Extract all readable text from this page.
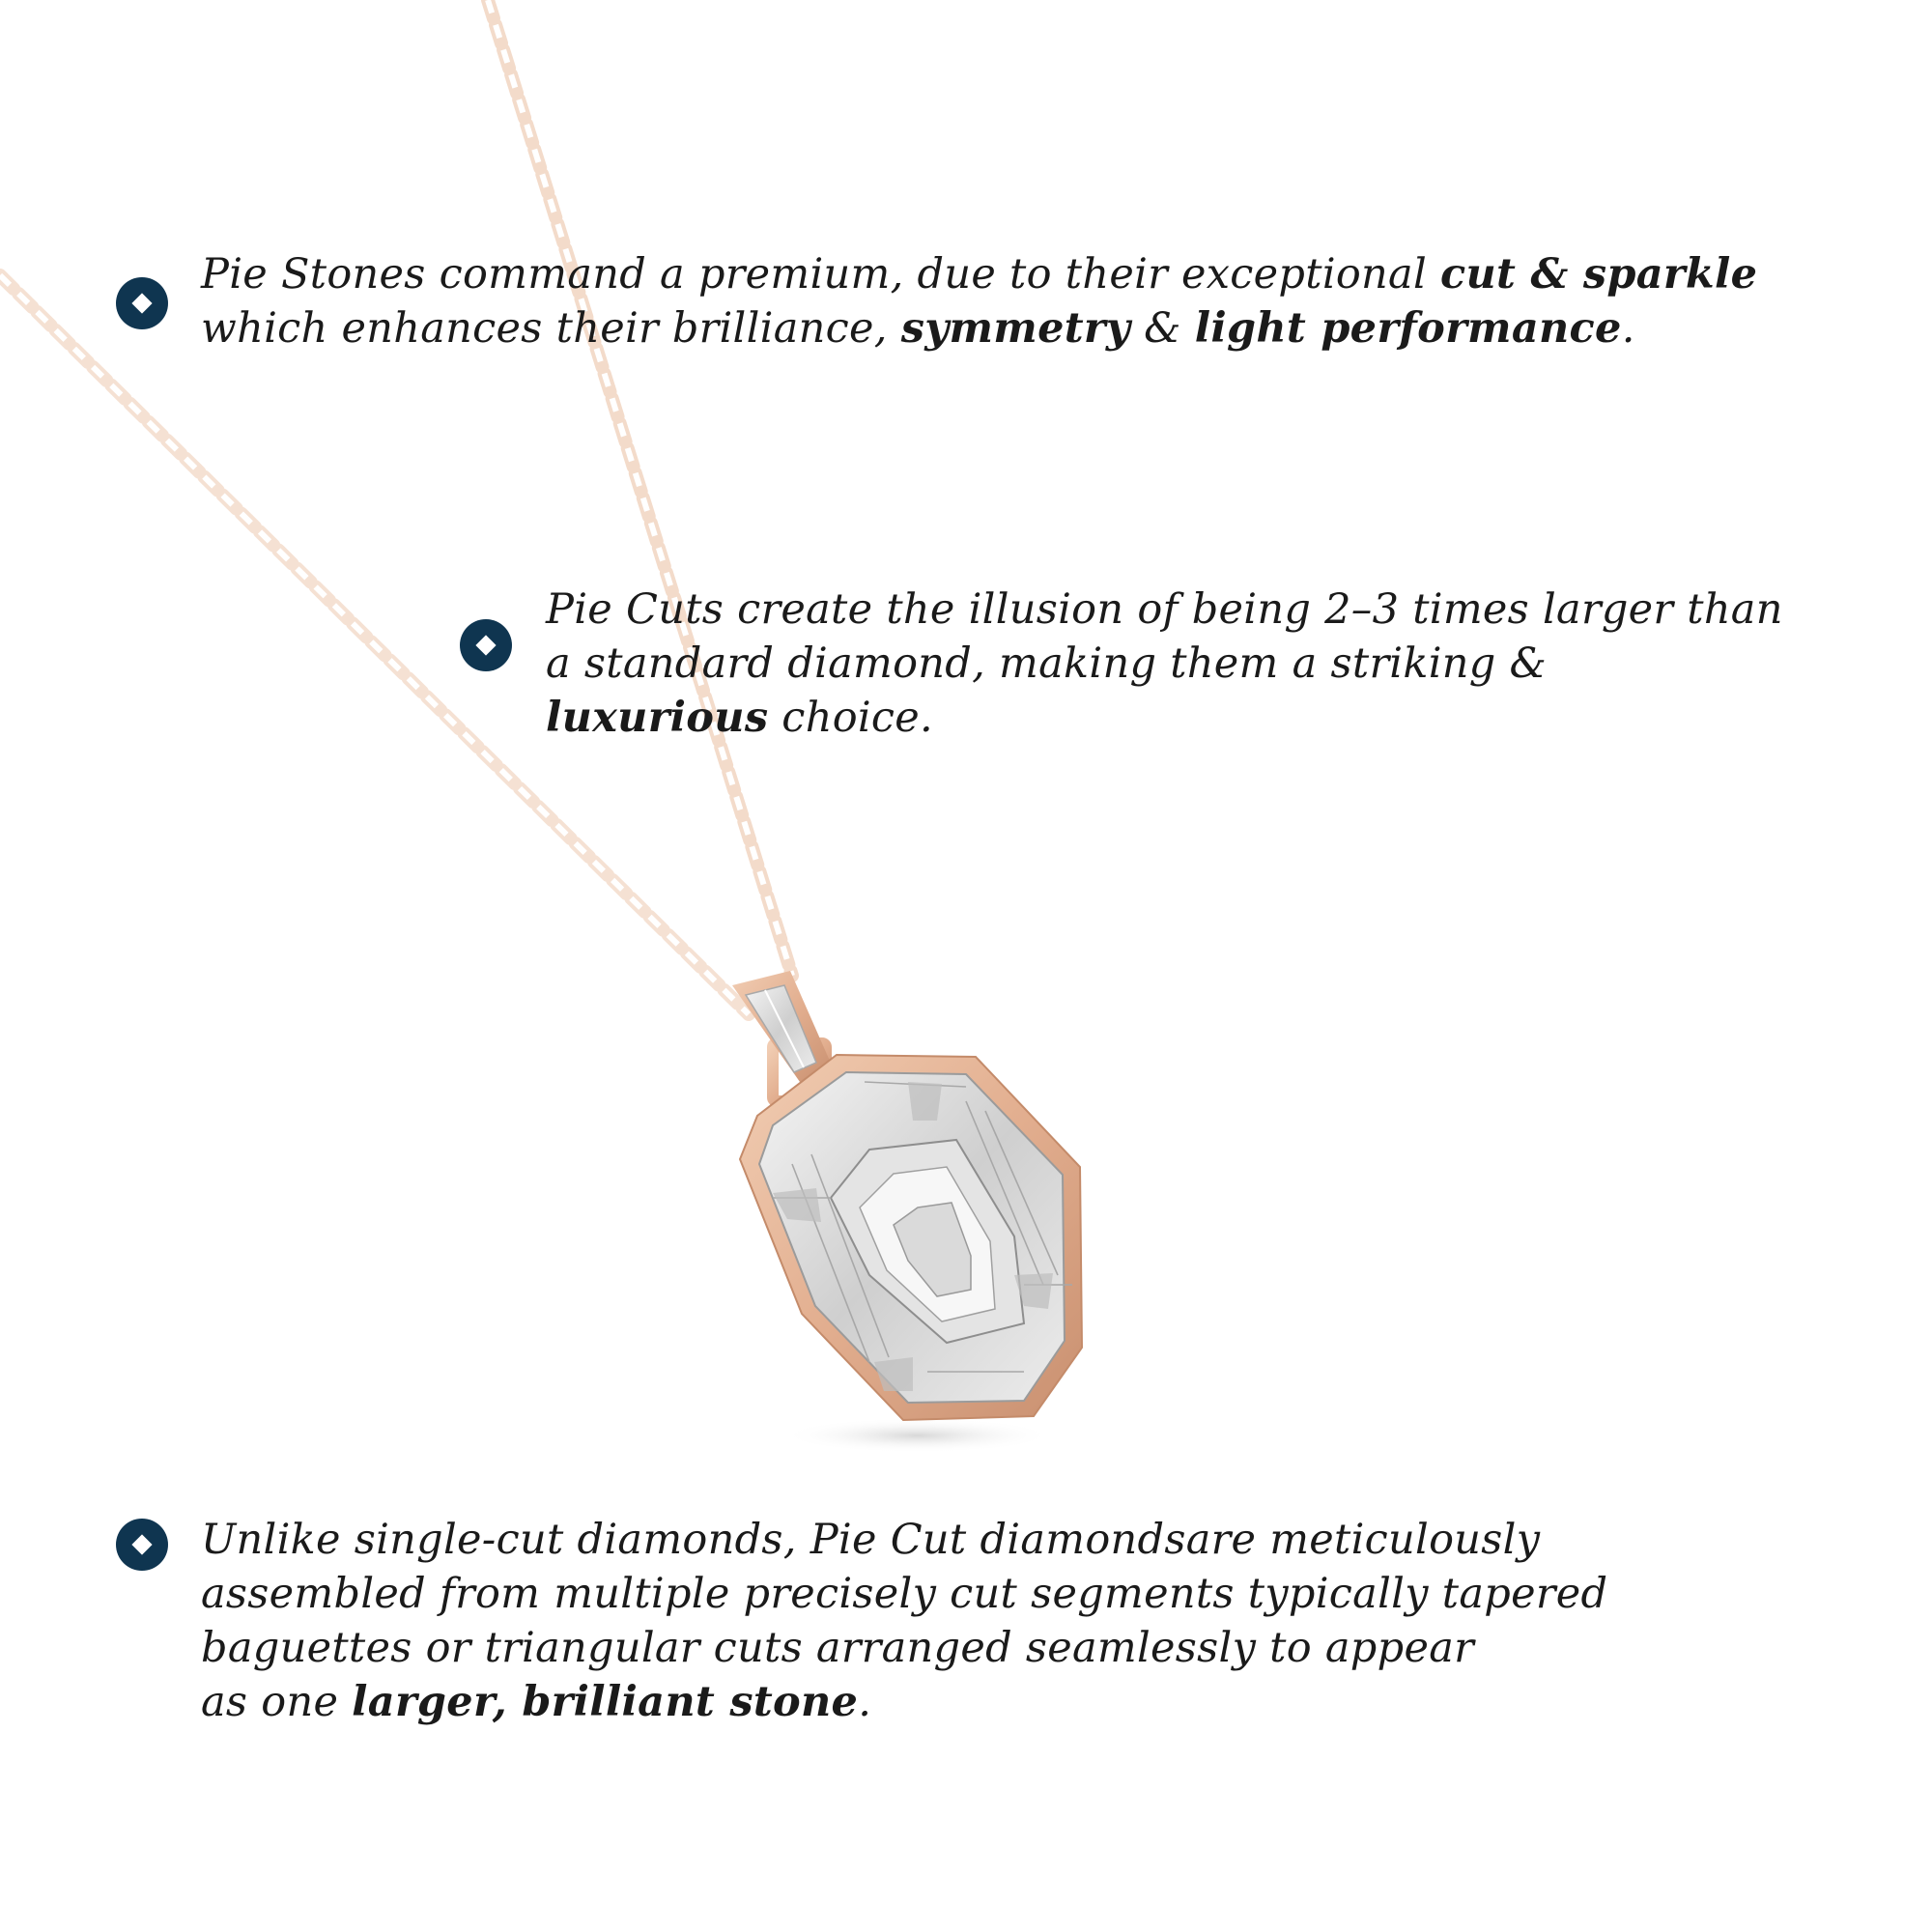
Pie Stones command a premium, due to their exceptional cut & sparkle
which enhances their brilliance, symmetry & light performance.
Pie Cuts create the illusion of being 2–3 times larger than
a standard diamond, making them a striking &
luxurious choice.
Unlike single-cut diamonds, Pie Cut diamondsare meticulously
assembled from multiple precisely cut segments typically tapered
baguettes or triangular cuts arranged seamlessly to appear
as one larger, brilliant stone.
